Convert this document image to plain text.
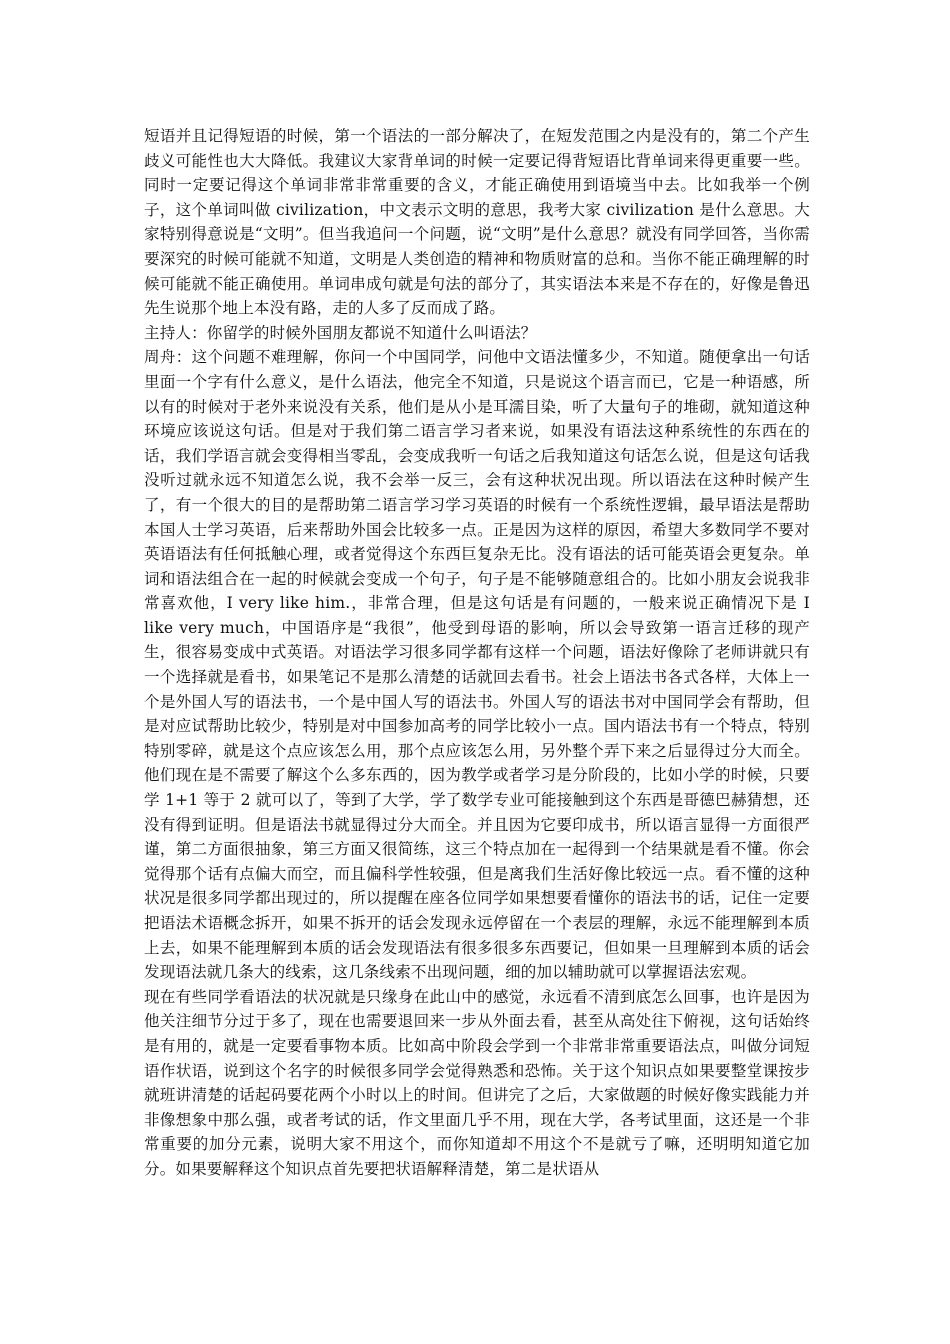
短语并且记得短语的时候，第一个语法的一部分解决了，在短发范围之内是没有的，第二个产生歧义可能性也大大降低。我建议大家背单词的时候一定要记得背短语比背单词来得更重要一些。同时一定要记得这个单词非常非常重要的含义，才能正确使用到语境当中去。比如我举一个例子，这个单词叫做 civilization，中文表示文明的意思，我考大家 civilization 是什么意思。大家特别得意说是“文明”。但当我追问一个问题，说“文明”是什么意思？就没有同学回答，当你需要深究的时候可能就不知道，文明是人类创造的精神和物质财富的总和。当你不能正确理解的时候可能就不能正确使用。单词串成句就是句法的部分了，其实语法本来是不存在的，好像是鲁迅先生说那个地上本没有路，走的人多了反而成了路。

主持人：你留学的时候外国朋友都说不知道什么叫语法？

周舟：这个问题不难理解，你问一个中国同学，问他中文语法懂多少，不知道。随便拿出一句话里面一个字有什么意义，是什么语法，他完全不知道，只是说这个语言而已，它是一种语感，所以有的时候对于老外来说没有关系，他们是从小是耳濡目染，听了大量句子的堆砌，就知道这种环境应该说这句话。但是对于我们第二语言学习者来说，如果没有语法这种系统性的东西在的话，我们学语言就会变得相当零乱，会变成我听一句话之后我知道这句话怎么说，但是这句话我没听过就永远不知道怎么说，我不会举一反三，会有这种状况出现。所以语法在这种时候产生了，有一个很大的目的是帮助第二语言学习学习英语的时候有一个系统性逻辑，最早语法是帮助本国人士学习英语，后来帮助外国会比较多一点。正是因为这样的原因，希望大多数同学不要对英语语法有任何抵触心理，或者觉得这个东西巨复杂无比。没有语法的话可能英语会更复杂。单词和语法组合在一起的时候就会变成一个句子，句子是不能够随意组合的。比如小朋友会说我非常喜欢他，I very like him.，非常合理，但是这句话是有问题的，一般来说正确情况下是 I like very much，中国语序是“我很”，他受到母语的影响，所以会导致第一语言迁移的现产生，很容易变成中式英语。对语法学习很多同学都有这样一个问题，语法好像除了老师讲就只有一个选择就是看书，如果笔记不是那么清楚的话就回去看书。社会上语法书各式各样，大体上一个是外国人写的语法书，一个是中国人写的语法书。外国人写的语法书对中国同学会有帮助，但是对应试帮助比较少，特别是对中国参加高考的同学比较小一点。国内语法书有一个特点，特别特别零碎，就是这个点应该怎么用，那个点应该怎么用，另外整个弄下来之后显得过分大而全。他们现在是不需要了解这个么多东西的，因为教学或者学习是分阶段的，比如小学的时候，只要学 1+1 等于 2 就可以了，等到了大学，学了数学专业可能接触到这个东西是哥德巴赫猜想，还没有得到证明。但是语法书就显得过分大而全。并且因为它要印成书，所以语言显得一方面很严谨，第二方面很抽象，第三方面又很简练，这三个特点加在一起得到一个结果就是看不懂。你会觉得那个话有点偏大而空，而且偏科学性较强，但是离我们生活好像比较远一点。看不懂的这种状况是很多同学都出现过的，所以提醒在座各位同学如果想要看懂你的语法书的话，记住一定要把语法术语概念拆开，如果不拆开的话会发现永远停留在一个表层的理解，永远不能理解到本质上去，如果不能理解到本质的话会发现语法有很多很多东西要记，但如果一旦理解到本质的话会发现语法就几条大的线索，这几条线索不出现问题，细的加以辅助就可以掌握语法宏观。

现在有些同学看语法的状况就是只缘身在此山中的感觉，永远看不清到底怎么回事，也许是因为他关注细节分过于多了，现在也需要退回来一步从外面去看，甚至从高处往下俯视，这句话始终是有用的，就是一定要看事物本质。比如高中阶段会学到一个非常非常重要语法点，叫做分词短语作状语，说到这个名字的时候很多同学会觉得熟悉和恐怖。关于这个知识点如果要整堂课按步就班讲清楚的话起码要花两个小时以上的时间。但讲完了之后，大家做题的时候好像实践能力并非像想象中那么强，或者考试的话，作文里面几乎不用，现在大学，各考试里面，这还是一个非常重要的加分元素，说明大家不用这个，而你知道却不用这个不是就亏了嘛，还明明知道它加分。如果要解释这个知识点首先要把状语解释清楚，第二是状语从
